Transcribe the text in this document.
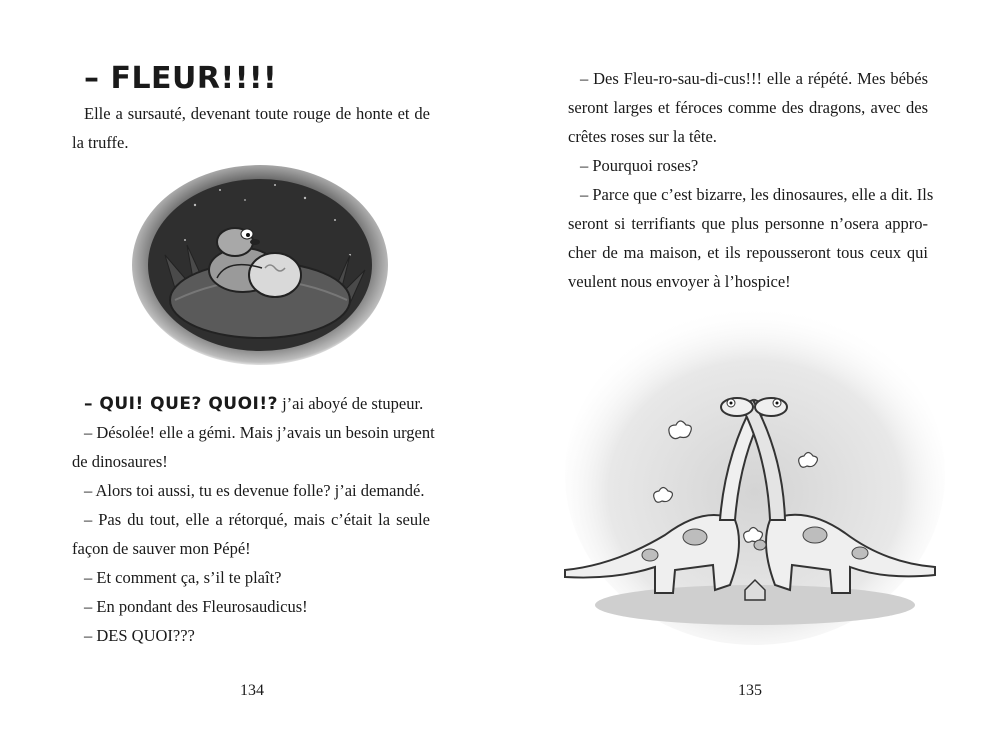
– FLEUR!!!!
Elle a sursauté, devenant toute rouge de honte et de
la truffe.
– QUI! QUE? QUOI!? j’ai aboyé de stupeur.
– Désolée! elle a gémi. Mais j’avais un besoin urgent
de dinosaures!
– Alors toi aussi, tu es devenue folle? j’ai demandé.
– Pas du tout, elle a rétorqué, mais c’était la seule
façon de sauver mon Pépé!
– Et comment ça, s’il te plaît?
– En pondant des Fleurosaudicus!
– DES QUOI???
134
– Des Fleu-ro-sau-di-cus!!! elle a répété. Mes bébés
seront larges et féroces comme des dragons, avec des
crêtes roses sur la tête.
– Pourquoi roses?
– Parce que c’est bizarre, les dinosaures, elle a dit. Ils
seront si terrifiants que plus personne n’osera appro-
cher de ma maison, et ils repousseront tous ceux qui
veulent nous envoyer à l’hospice!
135
